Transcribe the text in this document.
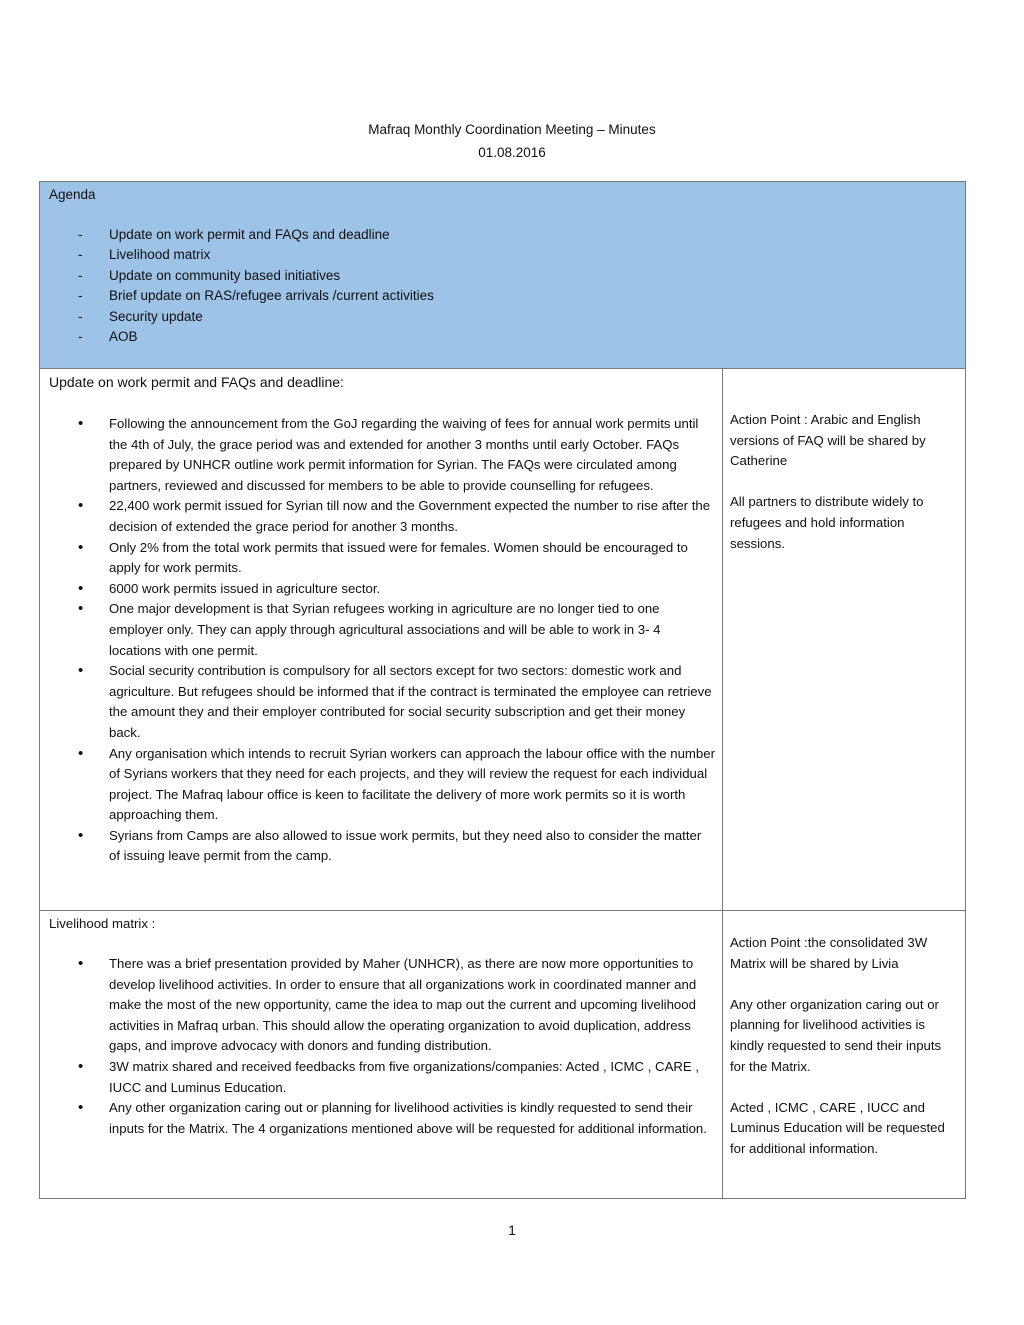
Mafraq Monthly Coordination Meeting – Minutes
01.08.2016
Agenda
- Update on work permit and FAQs and deadline
- Livelihood matrix
- Update on community based initiatives
- Brief update on RAS/refugee arrivals /current activities
- Security update
- AOB
Update on work permit and FAQs and deadline:
• Following the announcement from the GoJ regarding the waiving of fees for annual work permits until the 4th of July, the grace period was and extended for another 3 months until early October. FAQs prepared by UNHCR outline work permit information for Syrian. The FAQs were circulated among partners, reviewed and discussed for members to be able to provide counselling for refugees.
• 22,400 work permit issued for Syrian till now and the Government expected the number to rise after the decision of extended the grace period for another 3 months.
• Only 2% from the total work permits that issued were for females. Women should be encouraged to apply for work permits.
• 6000 work permits issued in agriculture sector.
• One major development is that Syrian refugees working in agriculture are no longer tied to one employer only. They can apply through agricultural associations and will be able to work in 3- 4 locations with one permit.
• Social security contribution is compulsory for all sectors except for two sectors: domestic work and agriculture. But refugees should be informed that if the contract is terminated the employee can retrieve the amount they and their employer contributed for social security subscription and get their money back.
• Any organisation which intends to recruit Syrian workers can approach the labour office with the number of Syrians workers that they need for each projects, and they will review the request for each individual project. The Mafraq labour office is keen to facilitate the delivery of more work permits so it is worth approaching them.
• Syrians from Camps are also allowed to issue work permits, but they need also to consider the matter of issuing leave permit from the camp.

Action Point : Arabic and English versions of FAQ will be shared by Catherine

All partners to distribute widely to refugees and hold information sessions.

Livelihood matrix :
• There was a brief presentation provided by Maher (UNHCR), as there are now more opportunities to develop livelihood activities. In order to ensure that all organizations work in coordinated manner and make the most of the new opportunity, came the idea to map out the current and upcoming livelihood activities in Mafraq urban. This should allow the operating organization to avoid duplication, address gaps, and improve advocacy with donors and funding distribution.
• 3W matrix shared and received feedbacks from five organizations/companies: Acted , ICMC , CARE , IUCC and Luminus Education.
• Any other organization caring out or planning for livelihood activities is kindly requested to send their inputs for the Matrix. The 4 organizations mentioned above will be requested for additional information.

Action Point :the consolidated 3W Matrix will be shared by Livia

Any other organization caring out or planning for livelihood activities is kindly requested to send their inputs for the Matrix.

Acted , ICMC , CARE , IUCC and Luminus Education will be requested for additional information.

1
